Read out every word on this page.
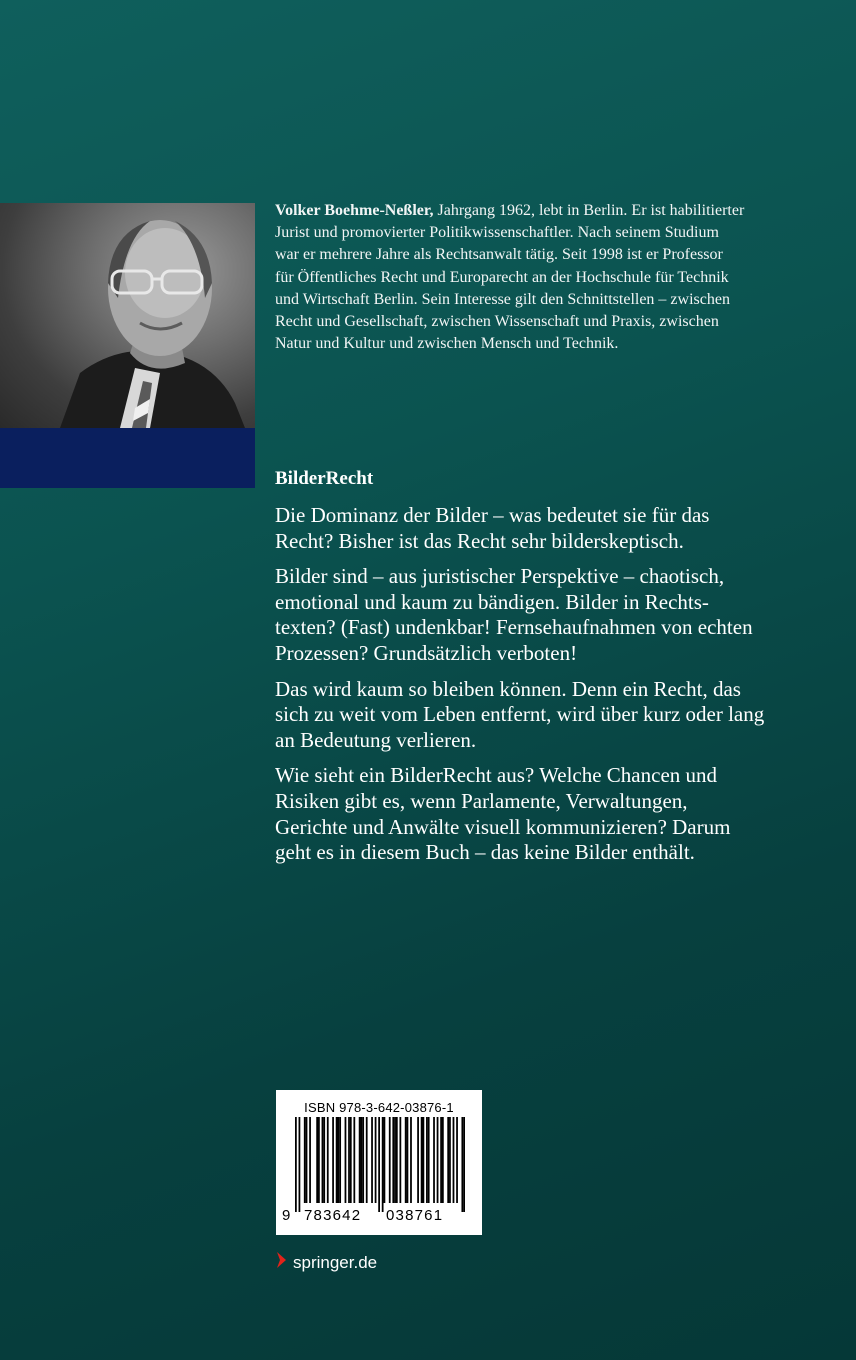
Volker Boehme-Neßler, Jahrgang 1962, lebt in Berlin. Er ist habilitierter Jurist und promovierter Politikwissenschaftler. Nach seinem Studium war er mehrere Jahre als Rechtsanwalt tätig. Seit 1998 ist er Professor für Öffentliches Recht und Europarecht an der Hochschule für Technik und Wirtschaft Berlin. Sein Interesse gilt den Schnittstellen – zwischen Recht und Gesellschaft, zwischen Wissenschaft und Praxis, zwischen Natur und Kultur und zwischen Mensch und Technik.
BilderRecht

Die Dominanz der Bilder – was bedeutet sie für das Recht? Bisher ist das Recht sehr bilderskeptisch.

Bilder sind – aus juristischer Perspektive – chaotisch, emotional und kaum zu bändigen. Bilder in Rechts-texten? (Fast) undenkbar! Fernsehaufnahmen von echten Prozessen? Grundsätzlich verboten!

Das wird kaum so bleiben können. Denn ein Recht, das sich zu weit vom Leben entfernt, wird über kurz oder lang an Bedeutung verlieren.

Wie sieht ein BilderRecht aus? Welche Chancen und Risiken gibt es, wenn Parlamente, Verwaltungen, Gerichte und Anwälte visuell kommunizieren? Darum geht es in diesem Buch – das keine Bilder enthält.

ISBN 978-3-642-03876-1
9 783642 038761
springer.de
